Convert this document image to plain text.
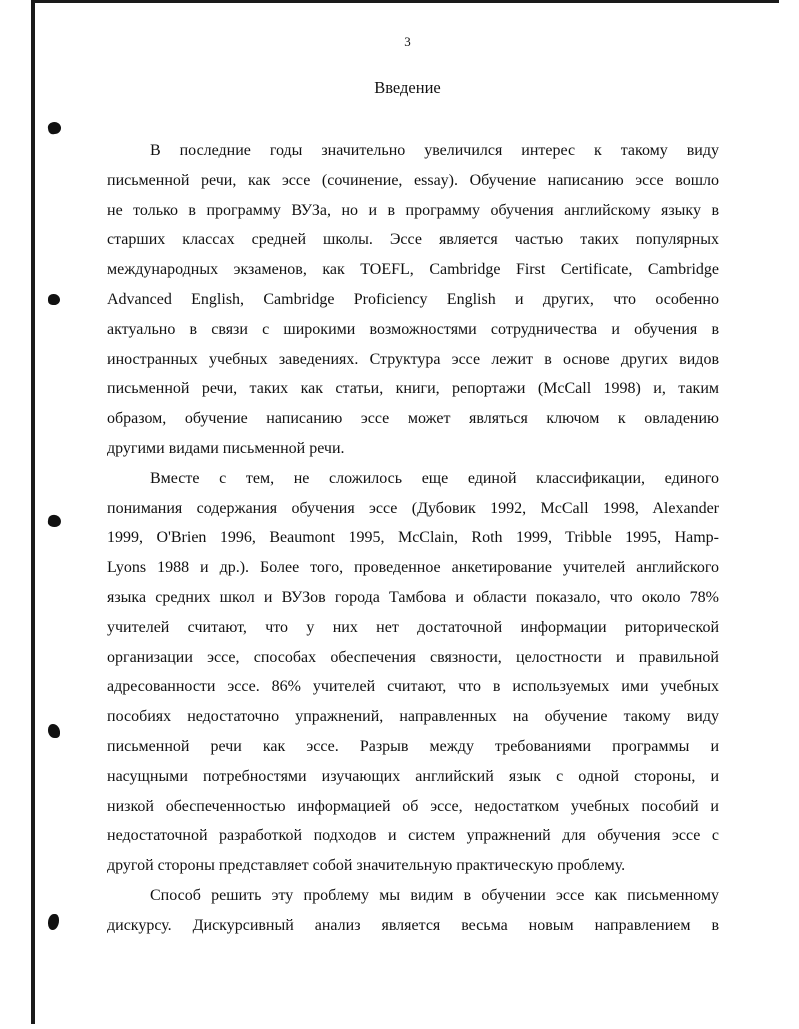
3
Введение

В последние годы значительно увеличился интерес к такому виду
письменной речи, как эссе (сочинение, essay). Обучение написанию эссе вошло
не только в программу ВУЗа, но и в программу обучения английскому языку в
старших классах средней школы. Эссе является частью таких популярных
международных экзаменов, как TOEFL, Cambridge First Certificate, Cambridge
Advanced English, Cambridge Proficiency English и других, что особенно
актуально в связи с широкими возможностями сотрудничества и обучения в
иностранных учебных заведениях. Структура эссе лежит в основе других видов
письменной речи, таких как статьи, книги, репортажи (McCall 1998) и, таким
образом, обучение написанию эссе может являться ключом к овладению
другими видами письменной речи.

Вместе с тем, не сложилось еще единой классификации, единого
понимания содержания обучения эссе (Дубовик 1992, McCall 1998, Alexander
1999, O'Brien 1996, Beaumont 1995, McClain, Roth 1999, Tribble 1995, Hamp-
Lyons 1988 и др.). Более того, проведенное анкетирование учителей английского
языка средних школ и ВУЗов города Тамбова и области показало, что около 78%
учителей считают, что у них нет достаточной информации риторической
организации эссе, способах обеспечения связности, целостности и правильной
адресованности эссе. 86% учителей считают, что в используемых ими учебных
пособиях недостаточно упражнений, направленных на обучение такому виду
письменной речи как эссе. Разрыв между требованиями программы и
насущными потребностями изучающих английский язык с одной стороны, и
низкой обеспеченностью информацией об эссе, недостатком учебных пособий и
недостаточной разработкой подходов и систем упражнений для обучения эссе с
другой стороны представляет собой значительную практическую проблему.

Способ решить эту проблему мы видим в обучении эссе как письменному
дискурсу. Дискурсивный анализ является весьма новым направлением в
